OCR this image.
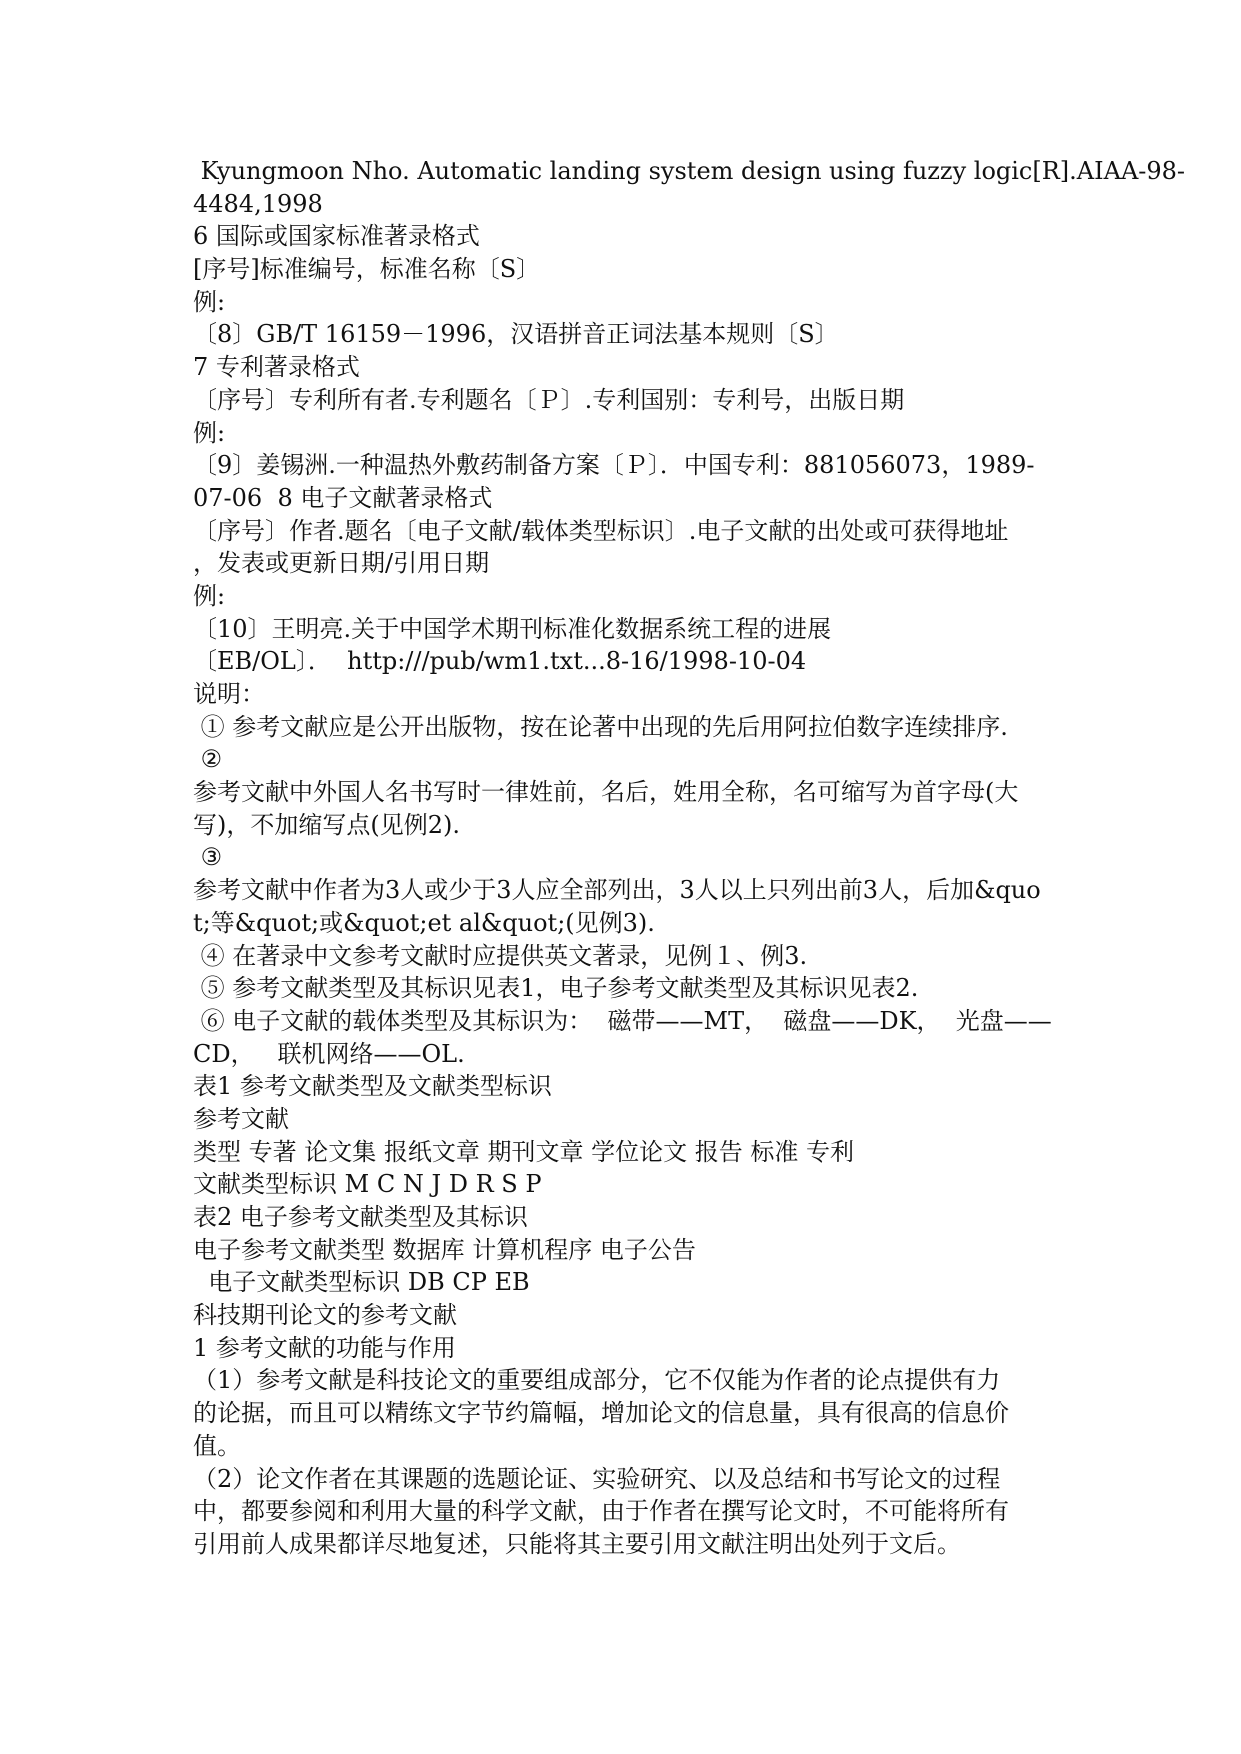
Kyungmoon Nho. Automatic landing system design using fuzzy logic[R].AIAA-98-
4484,1998
6 国际或国家标准著录格式
[序号]标准编号，标准名称〔S〕
例:
〔8〕GB/T 16159－1996，汉语拼音正词法基本规则〔S〕
7 专利著录格式
〔序号〕专利所有者.专利题名〔Ｐ〕.专利国别：专利号，出版日期
例:
〔9〕姜锡洲.一种温热外敷药制备方案〔Ｐ〕．中国专利：881056073，1989-
07-06  8 电子文献著录格式
〔序号〕作者.题名〔电子文献/载体类型标识〕.电子文献的出处或可获得地址
，发表或更新日期/引用日期
例:
〔10〕王明亮.关于中国学术期刊标准化数据系统工程的进展
〔EB/OL〕．  http:///pub/wm1.txt...8-16/1998-10-04
说明：
① 参考文献应是公开出版物，按在论著中出现的先后用阿拉伯数字连续排序.
②
参考文献中外国人名书写时一律姓前，名后，姓用全称，名可缩写为首字母(大
写)，不加缩写点(见例2).
③
参考文献中作者为3人或少于3人应全部列出，3人以上只列出前3人，后加&quo
t;等&quot;或&quot;et al&quot;(见例3).
④ 在著录中文参考文献时应提供英文著录，见例１、例3.
⑤ 参考文献类型及其标识见表1，电子参考文献类型及其标识见表2.
⑥ 电子文献的载体类型及其标识为：  磁带——MT，  磁盘——DK，  光盘——
CD，   联机网络——OL.
表1 参考文献类型及文献类型标识
参考文献
类型 专著 论文集 报纸文章 期刊文章 学位论文 报告 标准 专利
文献类型标识 M C N J D R S P
表2 电子参考文献类型及其标识
电子参考文献类型 数据库 计算机程序 电子公告
电子文献类型标识 DB CP EB
科技期刊论文的参考文献
1 参考文献的功能与作用
（1）参考文献是科技论文的重要组成部分，它不仅能为作者的论点提供有力
的论据，而且可以精练文字节约篇幅，增加论文的信息量，具有很高的信息价
值。
（2）论文作者在其课题的选题论证、实验研究、以及总结和书写论文的过程
中，都要参阅和利用大量的科学文献，由于作者在撰写论文时，不可能将所有
引用前人成果都详尽地复述，只能将其主要引用文献注明出处列于文后。
